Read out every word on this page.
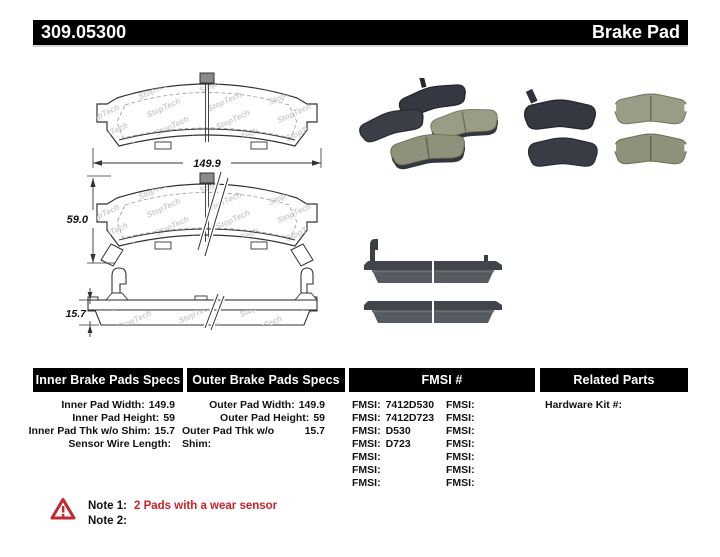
309.05300	Brake Pad
149.9
59.0
15.7
Inner Brake Pads Specs Outer Brake Pads Specs	FMSI #	Related Parts
Inner Pad Width: 149.9
Inner Pad Height: 59
Inner Pad Thk w/o Shim: 15.7
Sensor Wire Length:
Outer Pad Width: 149.9
Outer Pad Height: 59
Outer Pad Thk w/o Shim:
15.7
FMSI: 7412D530 FMSI:
FMSI: 7412D723 FMSI:
FMSI: D530	FMSI:
FMSI: D723	FMSI:
FMSI:	FMSI:
FMSI:	FMSI:
FMSI:	FMSI:
Hardware Kit #:
Note 1: 2 Pads with a wear sensor
Note 2:
